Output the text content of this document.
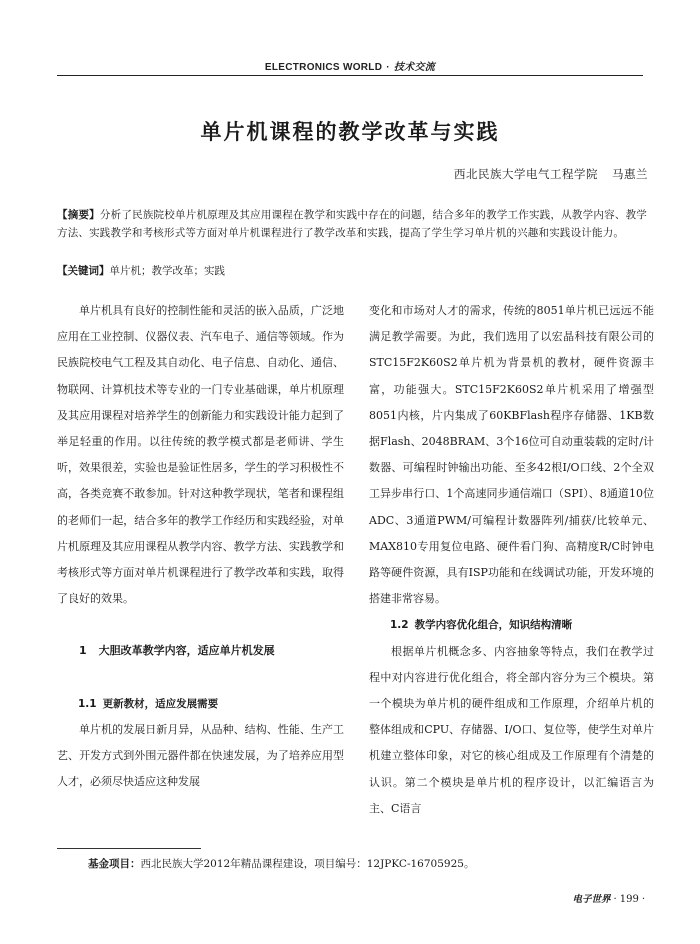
ELECTRONICS WORLD · 技术交流
单片机课程的教学改革与实践
西北民族大学电气工程学院 马惠兰
【摘要】分析了民族院校单片机原理及其应用课程在教学和实践中存在的问题，结合多年的教学工作实践，从教学内容、教学方法、实践教学和考核形式等方面对单片机课程进行了教学改革和实践，提高了学生学习单片机的兴趣和实践设计能力。
【关键词】单片机；教学改革；实践

单片机具有良好的控制性能和灵活的嵌入品质，广泛地应用在工业控制、仪器仪表、汽车电子、通信等领域。作为民族院校电气工程及其自动化、电子信息、自动化、通信、物联网、计算机技术等专业的一门专业基础课，单片机原理及其应用课程对培养学生的创新能力和实践设计能力起到了举足轻重的作用。以往传统的教学模式都是老师讲、学生听，效果很差，实验也是验证性居多，学生的学习积极性不高，各类竞赛不敢参加。针对这种教学现状，笔者和课程组的老师们一起，结合多年的教学工作经历和实践经验，对单片机原理及其应用课程从教学内容、教学方法、实践教学和考核形式等方面对单片机课程进行了教学改革和实践，取得了良好的效果。

1 大胆改革教学内容，适应单片机发展

1.1 更新教材，适应发展需要

单片机的发展日新月异，从品种、结构、性能、生产工艺、开发方式到外围元器件都在快速发展，为了培养应用型人才，必须尽快适应这种发展

变化和市场对人才的需求，传统的8051单片机已远远不能满足教学需要。为此，我们选用了以宏晶科技有限公司的STC15F2K60S2单片机为背景机的教材，硬件资源丰富，功能强大。STC15F2K60S2单片机采用了增强型8051内核，片内集成了60KBFlash程序存储器、1KB数据Flash、2048BRAM、3个16位可自动重装载的定时/计数器、可编程时钟输出功能、至多42根I/O口线、2个全双工异步串行口、1个高速同步通信端口（SPI）、8通道10位ADC、3通道PWM/可编程计数器阵列/捕获/比较单元、MAX810专用复位电路、硬件看门狗、高精度R/C时钟电路等硬件资源，具有ISP功能和在线调试功能，开发环境的搭建非常容易。

1.2 教学内容优化组合，知识结构清晰

根据单片机概念多、内容抽象等特点，我们在教学过程中对内容进行优化组合，将全部内容分为三个模块。第一个模块为单片机的硬件组成和工作原理，介绍单片机的整体组成和CPU、存储器、I/O口、复位等，使学生对单片机建立整体印象，对它的核心组成及工作原理有个清楚的认识。第二个模块是单片机的程序设计，以汇编语言为主、C语言

基金项目：西北民族大学2012年精品课程建设，项目编号：12JPKC-16705925。
电子世界 · 199 ·
